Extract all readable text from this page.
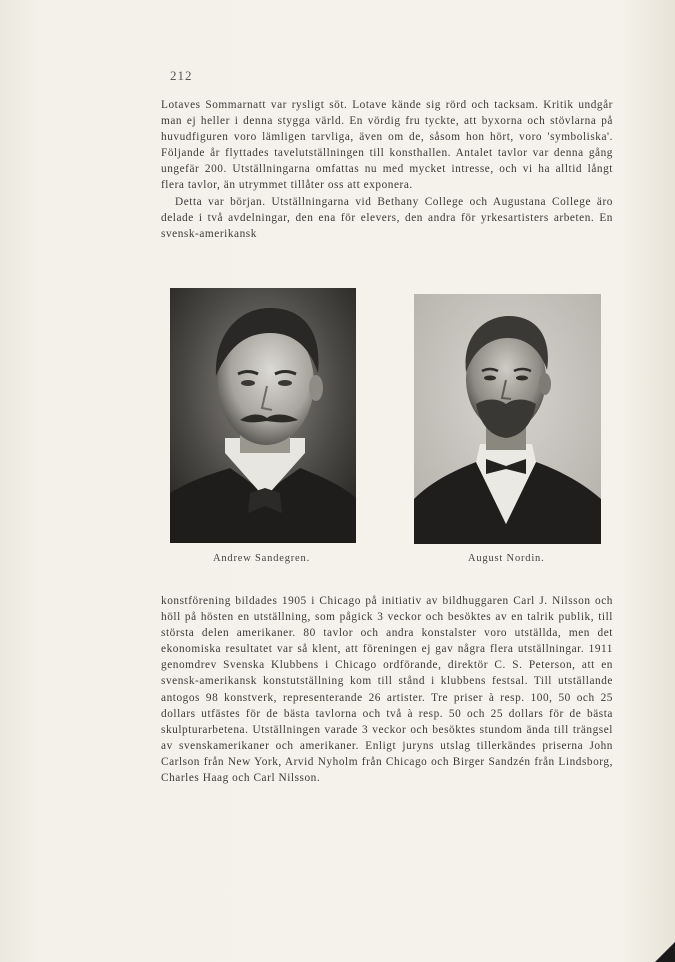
212

Lotaves Sommarnatt var rysligt söt. Lotave kände sig rörd och tacksam. Kritik undgår man ej heller i denna stygga värld. En vördig fru tyckte, att byxorna och stövlarna på huvudfiguren voro lämligen tarvliga, även om de, såsom hon hört, voro 'symboliska'. Följande år flyttades tavelutställningen till konsthallen. Antalet tavlor var denna gång ungefär 200. Utställningarna omfattas nu med mycket intresse, och vi ha alltid långt flera tavlor, än utrymmet tillåter oss att exponera.

Detta var början. Utställningarna vid Bethany College och Augustana College äro delade i två avdelningar, den ena för elevers, den andra för yrkesartisters arbeten. En svensk-amerikansk

Andrew Sandegren.	August Nordin.

konstförening bildades 1905 i Chicago på initiativ av bildhuggaren Carl J. Nilsson och höll på hösten en utställning, som pågick 3 veckor och besöktes av en talrik publik, till största delen amerikaner. 80 tavlor och andra konstalster voro utställda, men det ekonomiska resultatet var så klent, att föreningen ej gav några flera utställningar. 1911 genomdrev Svenska Klubbens i Chicago ordförande, direktör C. S. Peterson, att en svensk-amerikansk konstutställning kom till stånd i klubbens festsal. Till utställande antogos 98 konstverk, representerande 26 artister. Tre priser à resp. 100, 50 och 25 dollars utfästes för de bästa tavlorna och två à resp. 50 och 25 dollars för de bästa skulpturarbetena. Utställningen varade 3 veckor och besöktes stundom ända till trängsel av svenskamerikaner och amerikaner. Enligt juryns utslag tillerkändes priserna John Carlson från New York, Arvid Nyholm från Chicago och Birger Sandzén från Lindsborg, Charles Haag och Carl Nilsson.
